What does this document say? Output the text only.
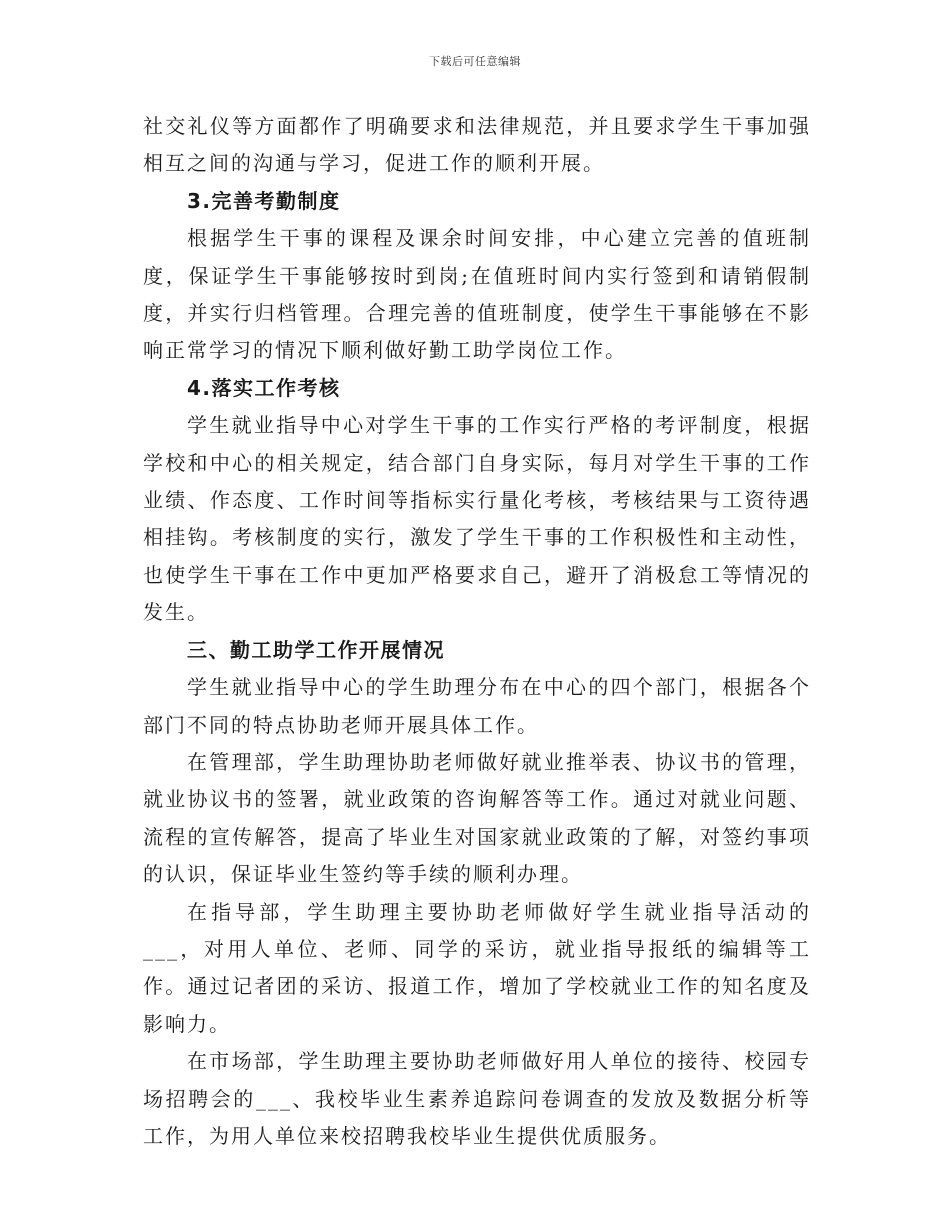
下载后可任意编辑

社交礼仪等方面都作了明确要求和法律规范，并且要求学生干事加强相互之间的沟通与学习，促进工作的顺利开展。

3.完善考勤制度

根据学生干事的课程及课余时间安排，中心建立完善的值班制度，保证学生干事能够按时到岗;在值班时间内实行签到和请销假制度，并实行归档管理。合理完善的值班制度，使学生干事能够在不影响正常学习的情况下顺利做好勤工助学岗位工作。

4.落实工作考核

学生就业指导中心对学生干事的工作实行严格的考评制度，根据学校和中心的相关规定，结合部门自身实际，每月对学生干事的工作业绩、作态度、工作时间等指标实行量化考核，考核结果与工资待遇相挂钩。考核制度的实行，激发了学生干事的工作积极性和主动性，也使学生干事在工作中更加严格要求自己，避开了消极怠工等情况的发生。

三、勤工助学工作开展情况

学生就业指导中心的学生助理分布在中心的四个部门，根据各个部门不同的特点协助老师开展具体工作。

在管理部，学生助理协助老师做好就业推举表、协议书的管理，就业协议书的签署，就业政策的咨询解答等工作。通过对就业问题、流程的宣传解答，提高了毕业生对国家就业政策的了解，对签约事项的认识，保证毕业生签约等手续的顺利办理。

在指导部，学生助理主要协助老师做好学生就业指导活动的___，对用人单位、老师、同学的采访，就业指导报纸的编辑等工作。通过记者团的采访、报道工作，增加了学校就业工作的知名度及影响力。

在市场部，学生助理主要协助老师做好用人单位的接待、校园专场招聘会的___、我校毕业生素养追踪问卷调查的发放及数据分析等工作，为用人单位来校招聘我校毕业生提供优质服务。
